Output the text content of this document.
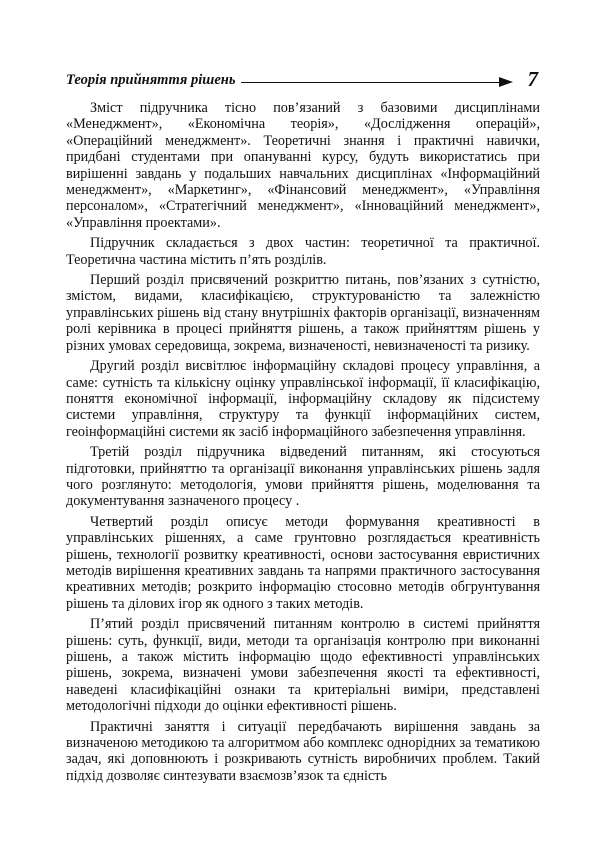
Теорія прийняття рішень	7

Зміст підручника тісно пов’язаний з базовими дисциплінами «Менеджмент», «Економічна теорія», «Дослідження операцій», «Операційний менеджмент». Теоретичні знання і практичні навички, придбані студентами при опануванні курсу, будуть використатись при вирішенні завдань у подальших навчальних дисциплінах «Інформаційний менеджмент», «Маркетинг», «Фінансовий менеджмент», «Управління персоналом», «Стратегічний менеджмент», «Інноваційний менеджмент», «Управління проектами».

Підручник складається з двох частин: теоретичної та практичної. Теоретична частина містить п’ять розділів.

Перший розділ присвячений розкриттю питань, пов’язаних з сутністю, змістом, видами, класифікацією, структурованістю та залежністю управлінських рішень від стану внутрішніх факторів організації, визначенням ролі керівника в процесі прийняття рішень, а також прийняттям рішень у різних умовах середовища, зокрема, визначеності, невизначеності та ризику.

Другий розділ висвітлює інформаційну складові процесу управління, а саме: сутність та кількісну оцінку управлінської інформації, її класифікацію, поняття економічної інформації, інформаційну складову як підсистему системи управління, структуру та функції інформаційних систем, геоінформаційні системи як засіб інформаційного забезпечення управління.

Третій розділ підручника відведений питанням, які стосуються підготовки, прийняттю та організації виконання управлінських рішень задля чого розглянуто: методологія, умови прийняття рішень, моделювання та документування зазначеного процесу .

Четвертий розділ описує методи формування креативності в управлінських рішеннях, а саме грунтовно розглядається креативність рішень, технології розвитку креативності, основи застосування евристичних методів вирішення креативних завдань та напрями практичного застосування креативних методів; розкрито інформацію стосовно методів обгрунтування рішень та ділових ігор як одного з таких методів.

П’ятий розділ присвячений питанням контролю в системі прийняття рішень: суть, функції, види, методи та організація контролю при виконанні рішень, а також містить інформацію щодо ефективності управлінських рішень, зокрема, визначені умови забезпечення якості та ефективності, наведені класифікаційні ознаки та критеріальні виміри, представлені методологічні підходи до оцінки ефективності рішень.

Практичні заняття і ситуації передбачають вирішення завдань за визначеною методикою та алгоритмом або комплекс однорідних за тематикою задач, які доповнюють і розкривають сутність виробничих проблем. Такий підхід дозволяє синтезувати взаємозв’язок та єдність
